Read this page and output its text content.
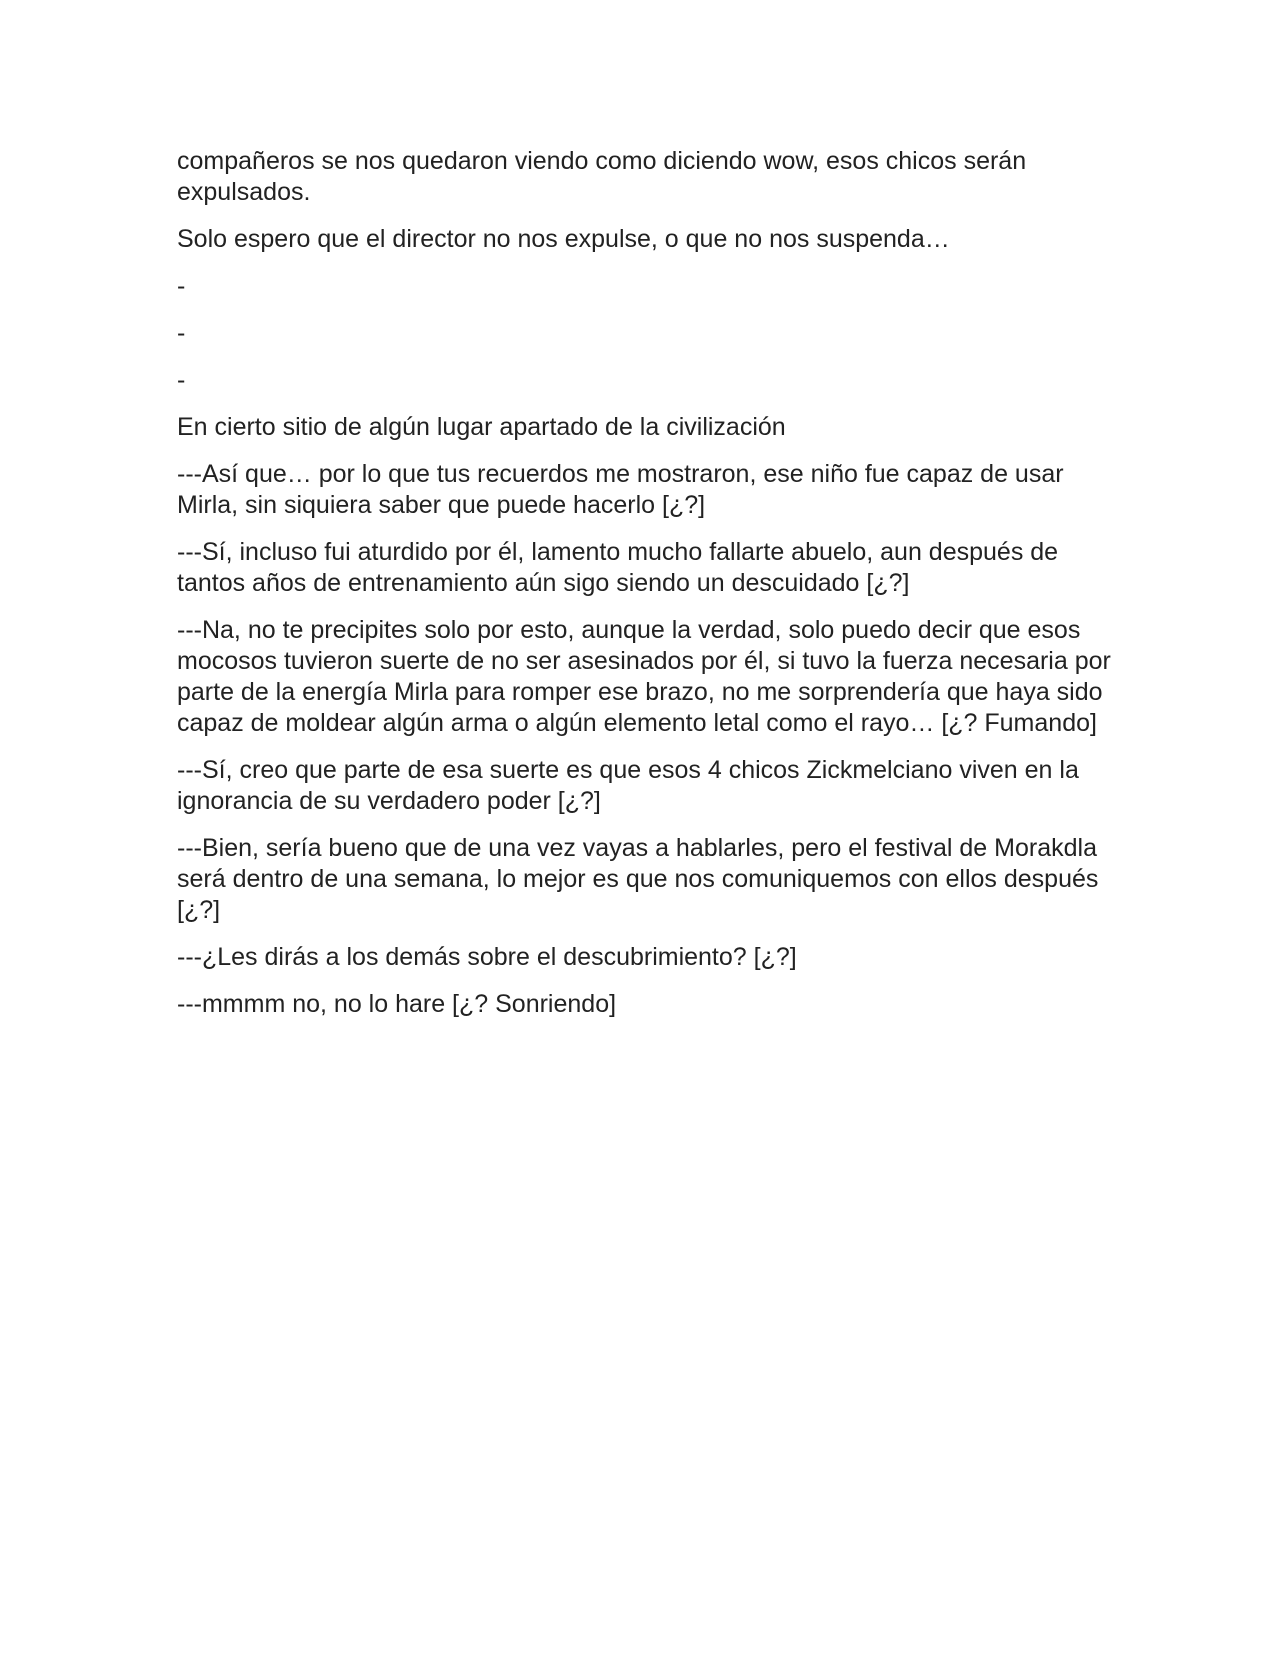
compañeros se nos quedaron viendo como diciendo wow, esos chicos serán expulsados.

Solo espero que el director no nos expulse, o que no nos suspenda…

-

-

-

En cierto sitio de algún lugar apartado de la civilización

---Así que… por lo que tus recuerdos me mostraron, ese niño fue capaz de usar Mirla, sin siquiera saber que puede hacerlo [¿?]

---Sí, incluso fui aturdido por él, lamento mucho fallarte abuelo, aun después de tantos años de entrenamiento aún sigo siendo un descuidado [¿?]

---Na, no te precipites solo por esto, aunque la verdad, solo puedo decir que esos mocosos tuvieron suerte de no ser asesinados por él, si tuvo la fuerza necesaria por parte de la energía Mirla para romper ese brazo, no me sorprendería que haya sido capaz de moldear algún arma o algún elemento letal como el rayo… [¿? Fumando]

---Sí, creo que parte de esa suerte es que esos 4 chicos Zickmelciano viven en la ignorancia de su verdadero poder [¿?]

---Bien, sería bueno que de una vez vayas a hablarles, pero el festival de Morakdla será dentro de una semana, lo mejor es que nos comuniquemos con ellos después [¿?]

---¿Les dirás a los demás sobre el descubrimiento? [¿?]

---mmmm no, no lo hare [¿? Sonriendo]
